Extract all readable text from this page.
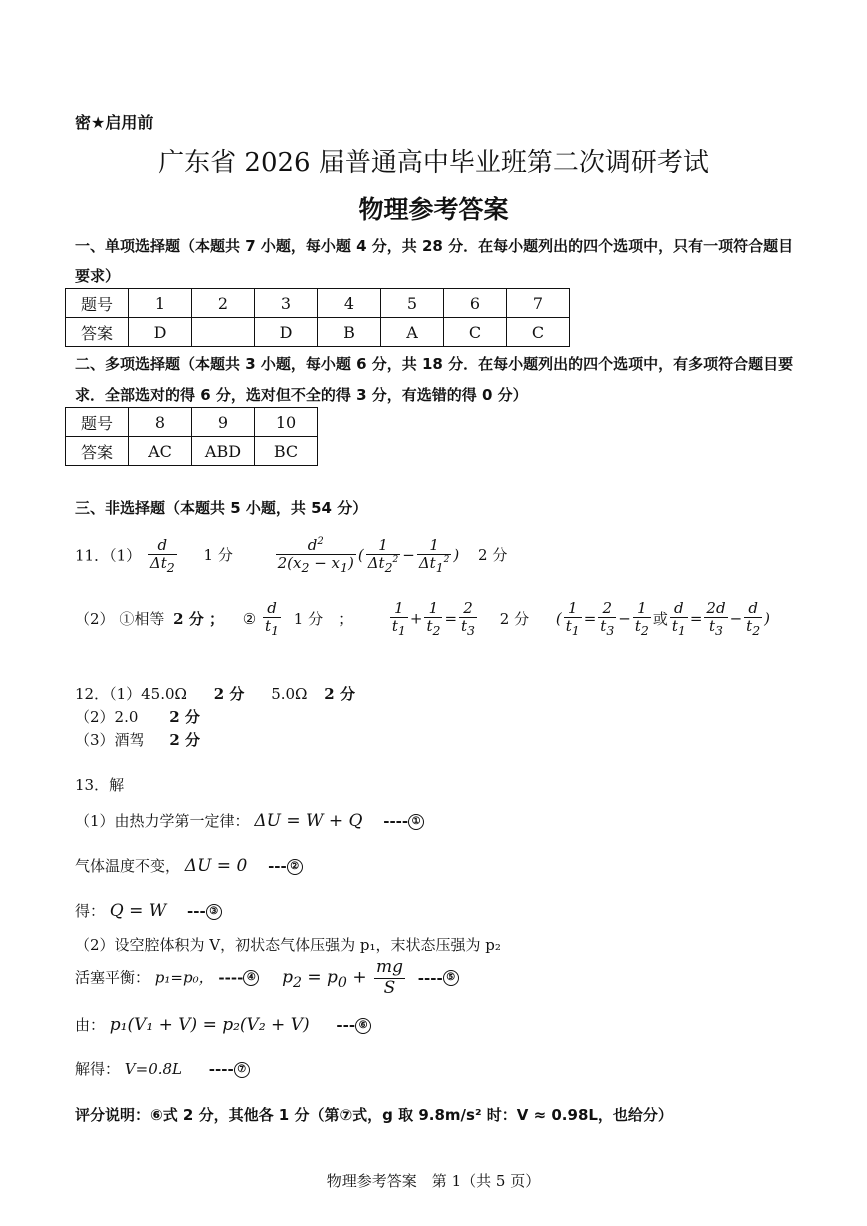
密★启用前
广东省 2026 届普通高中毕业班第二次调研考试
物理参考答案
一、单项选择题（本题共 7 小题，每小题 4 分，共 28 分．在每小题列出的四个选项中，只有一项符合题目
要求）
题号	1	2	3	4	5	6	7
答案	D		D	B	A	C	C
二、多项选择题（本题共 3 小题，每小题 6 分，共 18 分．在每小题列出的四个选项中，有多项符合题目要
求．全部选对的得 6 分，选对但不全的得 3 分，有选错的得 0 分）
题号	8	9	10
答案	AC	ABD	BC
三、非选择题（本题共 5 小题，共 54 分）
11．$(1) \frac{d}{\Delta t_2} 1$ 分	$\frac{d^2}{2(x_2 - x_1)}$ ( $\frac{1}{\Delta t_2^2} - \frac{1}{\Delta t_1^2}$ ) 2 分
（2） ①相等 2 分 ； ② $\frac{d}{t_1} 1$ 分　； $\frac{1}{t_1} + \frac{1}{t_2} = \frac{2}{t_3} 2$ 分 ( $\frac{1}{t_1} = \frac{2}{t_3} - \frac{1}{t_2}$ 或 $\frac{d}{t_1} = \frac{2d}{t_3} - \frac{d}{t_2}$ )
12．（1）45.0Ω 2 分 5.0Ω 2 分
（2）2.0 2 分
（3）酒驾 2 分
13．解
（1）由热力学第一定律： ΔU = W + Q ---- ①
气体温度不变， ΔU = 0 --- ②
得： Q = W --- ③
（2）设空腔体积为 V，初状态气体压强为 p₁，末状态压强为 p₂
活塞平衡： p₁=p₀， ---- ④ $p_2 = p_0 + \frac{mg}{S}$ ---- ⑤
由： p₁(V₁ + V) = p₂(V₂ + V) --- ⑥
解得： V=0.8L ---- ⑦
评分说明：⑥式 2 分，其他各 1 分（第⑦式，g 取 9.8m/s² 时：V ≈ 0.98L，也给分）
物理参考答案　第 1（共 5 页）
